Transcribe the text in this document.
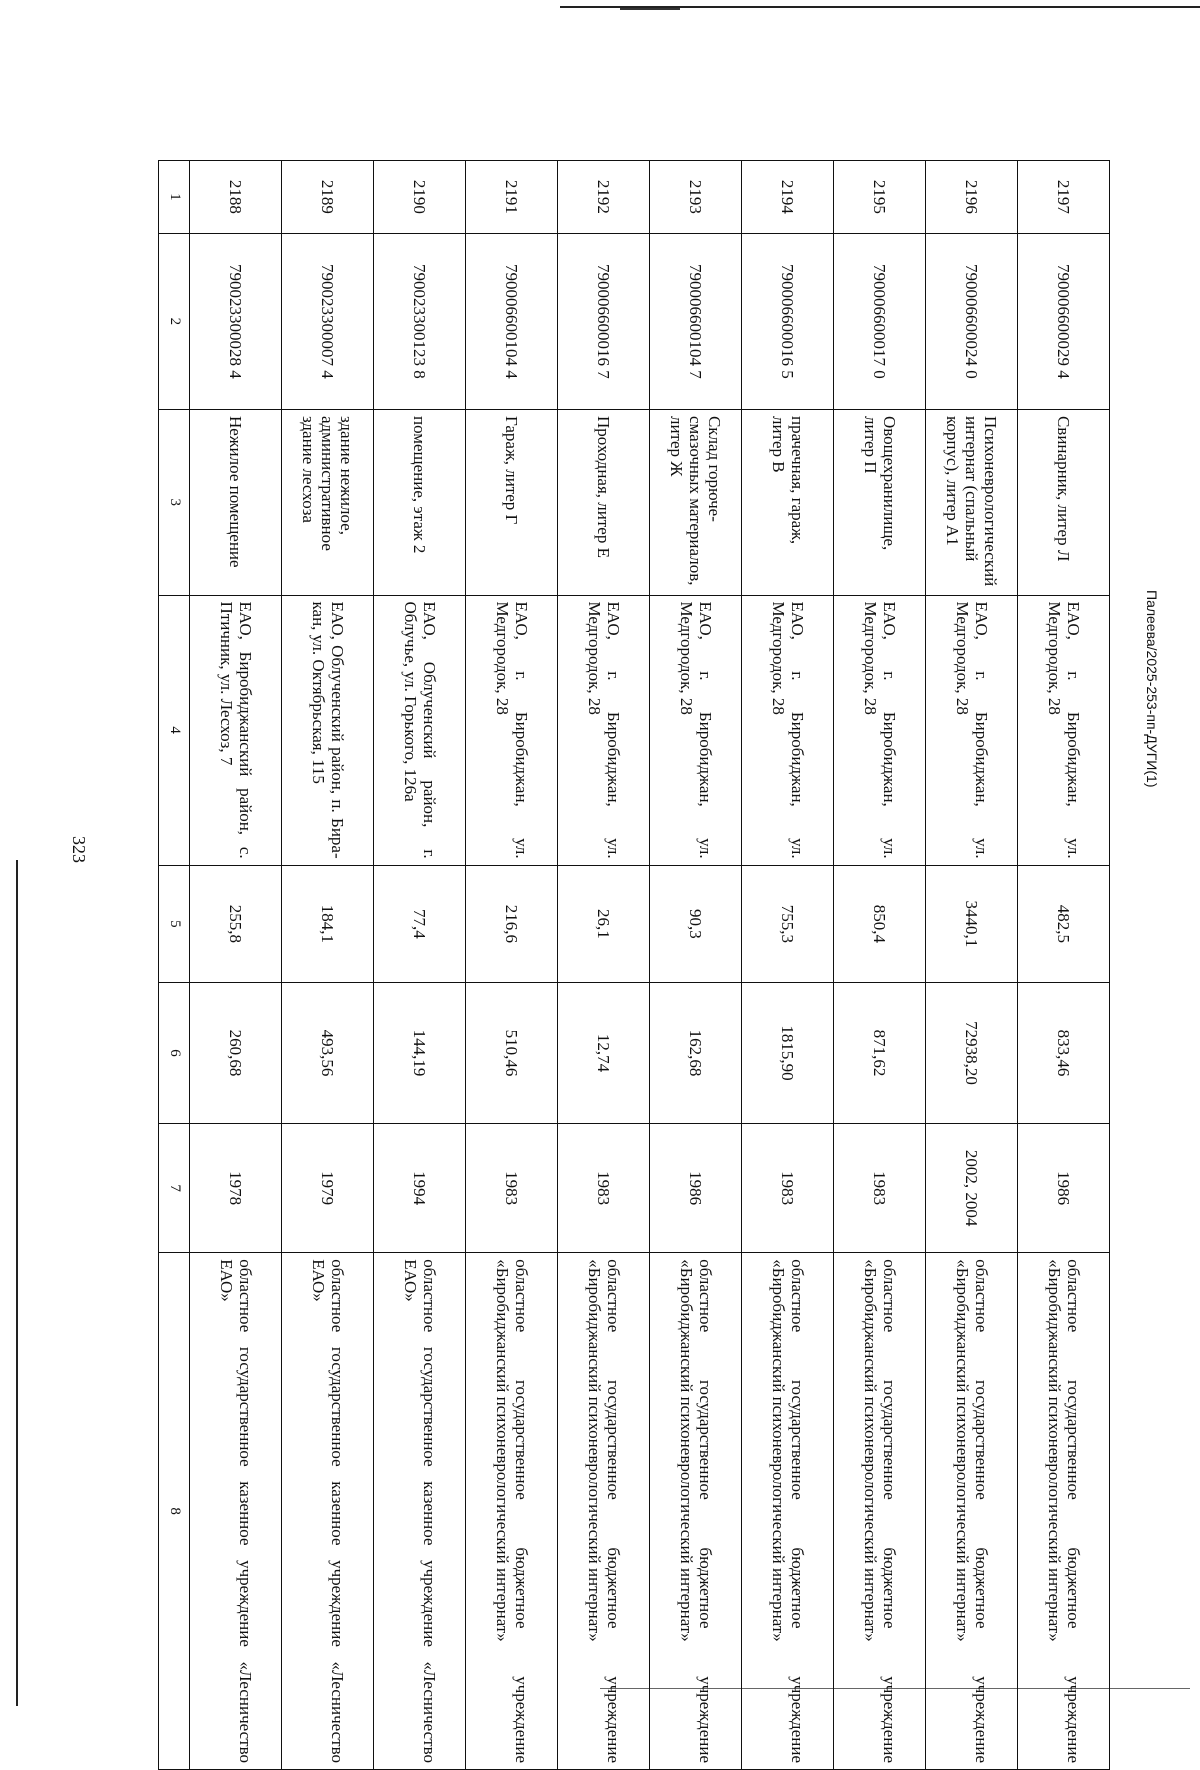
323
1	2	3	4	5	6	7	8
2188	790023300028 4	Нежилое помещение	ЕАО, Биробиджанский район, с. Птичник, ул. Лесхоз, 7	255,8	260,68	1978	областное государственное казенное учреждение «Лесничество ЕАО»
2189	790023300007 4	здание нежилое, административное здание лесхоза	ЕАО, Облученский район, п. Биракан, ул. Октябрьская, 115	184,1	493,56	1979	областное государственное казенное учреждение «Лесничество ЕАО»
2190	790023300123 8	помещение, этаж 2	ЕАО, Облученский район, г. Облучье, ул. Горького, 126а	77,4	144,19	1994	областное государственное казенное учреждение «Лесничество ЕАО»
2191	790006600104 4	Гараж, литер Г	ЕАО, г. Биробиджан, ул. Медгородок, 28	216,6	510,46	1983	областное государственное бюджетное учреждение «Биробиджанский психоневрологический интернат»
2192	790006600016 7	Проходная, литер Е	ЕАО, г. Биробиджан, ул. Медгородок, 28	26,1	12,74	1983	областное государственное бюджетное учреждение «Биробиджанский психоневрологический интернат»
2193	790006600104 7	Склад горюче-смазочных материалов, литер Ж	ЕАО, г. Биробиджан, ул. Медгородок, 28	90,3	162,68	1986	областное государственное бюджетное учреждение «Биробиджанский психоневрологический интернат»
2194	790006600016 5	прачечная, гараж, литер В	ЕАО, г. Биробиджан, ул. Медгородок, 28	755,3	1815,90	1983	областное государственное бюджетное учреждение «Биробиджанский психоневрологический интернат»
2195	790006600017 0	Овощехранилище, литер П	ЕАО, г. Биробиджан, ул. Медгородок, 28	850,4	871,62	1983	областное государственное бюджетное учреждение «Биробиджанский психоневрологический интернат»
2196	790006600024 0	Психоневрологический интернат (спальный корпус), литер А1	ЕАО, г. Биробиджан, ул. Медгородок, 28	3440,1	72938,20	2002, 2004	областное государственное бюджетное учреждение «Биробиджанский психоневрологический интернат»
2197	790006600029 4	Свинарник, литер Л	ЕАО, г. Биробиджан, ул. Медгородок, 28	482,5	833,46	1986	областное государственное бюджетное учреждение «Биробиджанский психоневрологический интернат»
Палеева/2025-253-пп-ДУГИ(1)
